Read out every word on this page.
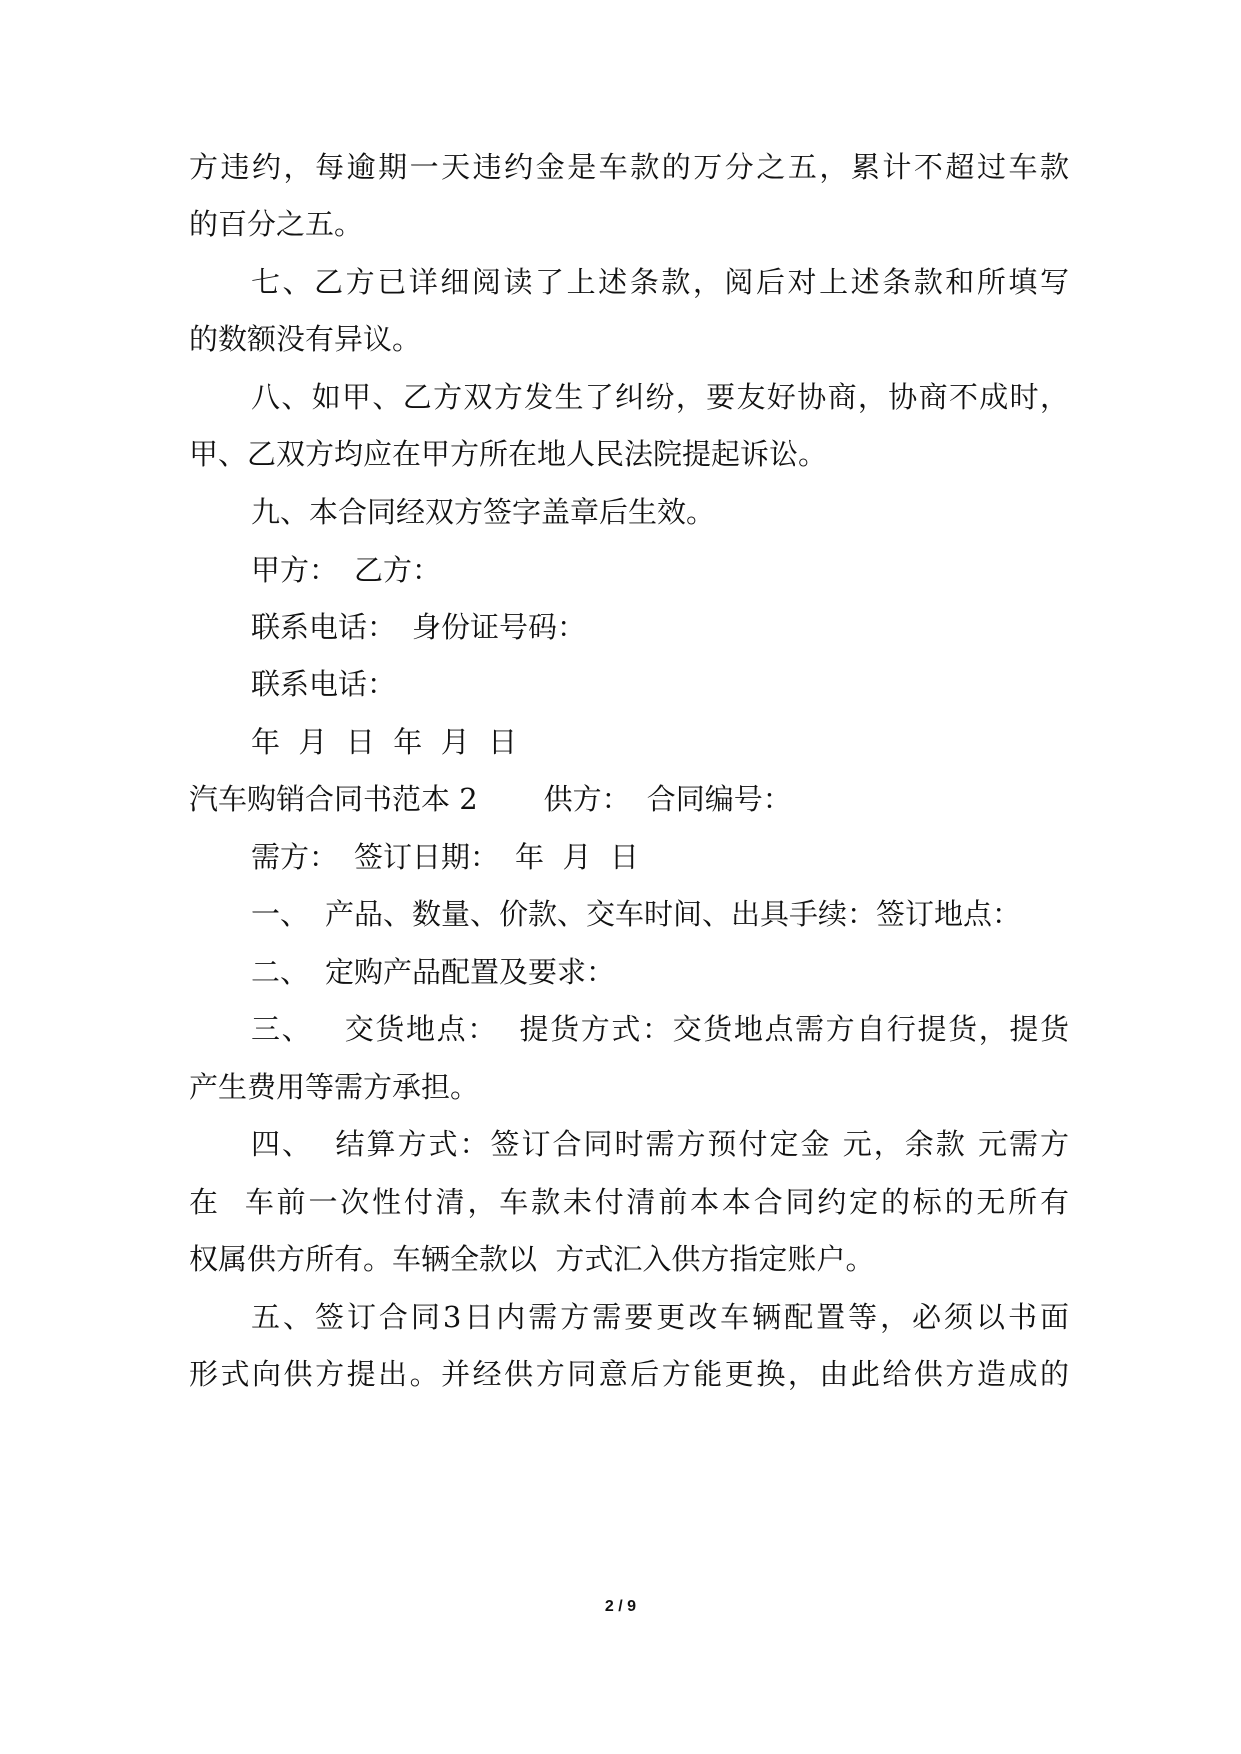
方违约，每逾期一天违约金是车款的万分之五，累计不超过车款
的百分之五。
七、乙方已详细阅读了上述条款，阅后对上述条款和所填写
的数额没有异议。
八、如甲、乙方双方发生了纠纷，要友好协商，协商不成时，
甲、乙双方均应在甲方所在地人民法院提起诉讼。
九、本合同经双方签字盖章后生效。
甲方： 乙方：
联系电话： 身份证号码：
联系电话：
年  月  日  年  月  日
汽车购销合同书范本 2 供方： 合同编号：
需方： 签订日期： 年  月  日
一、 产品、数量、价款、交车时间、出具手续：签订地点：
二、 定购产品配置及要求：
三、   交货地点：  提货方式：交货地点需方自行提货，提货
产生费用等需方承担。
四、  结算方式：签订合同时需方预付定金 元，余款 元需方
在  车前一次性付清，车款未付清前本本合同约定的标的无所有
权属供方所有。车辆全款以  方式汇入供方指定账户。
五、签订合同3日内需方需要更改车辆配置等，必须以书面
形式向供方提出。并经供方同意后方能更换，由此给供方造成的
2 / 9
